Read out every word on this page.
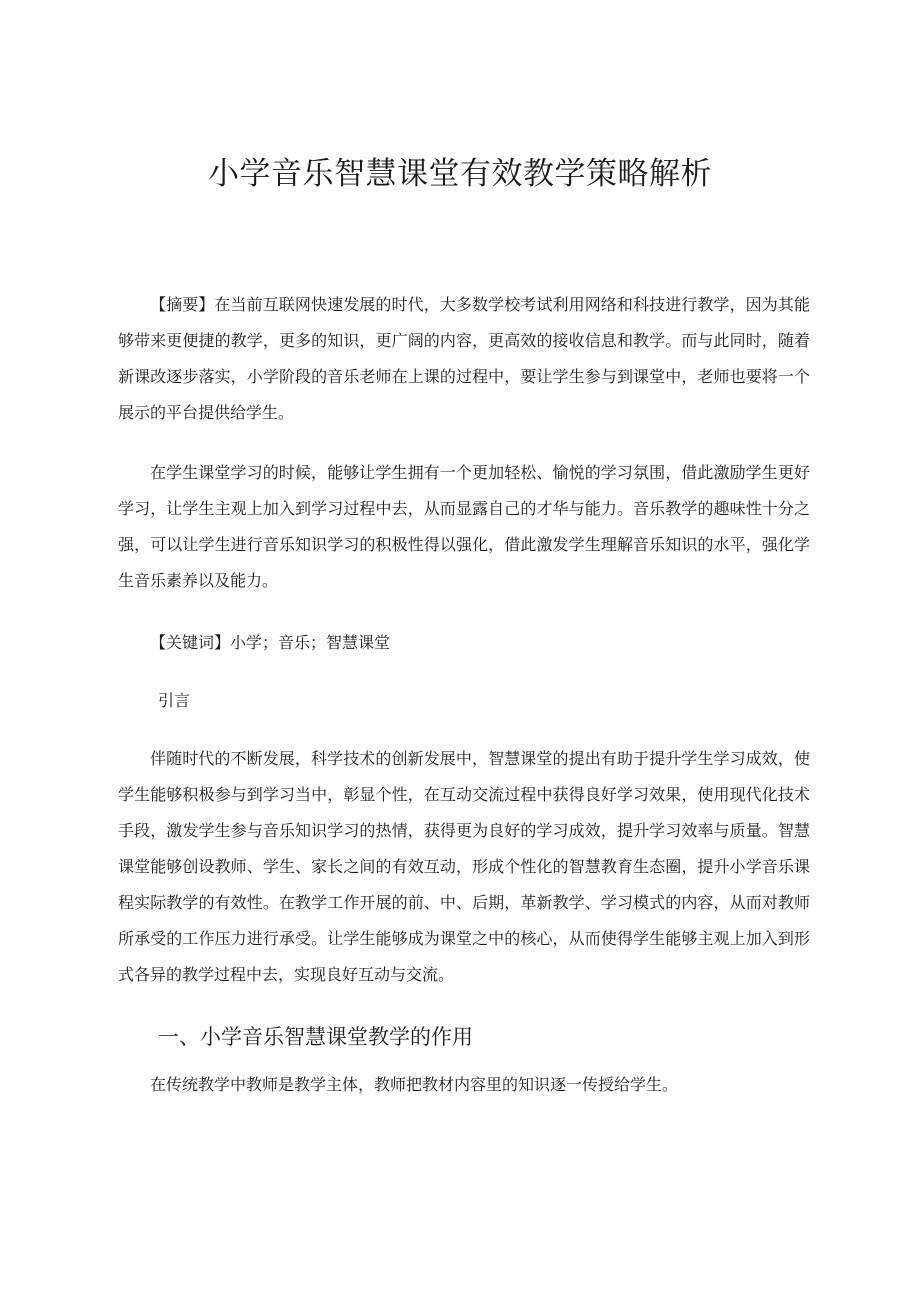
小学音乐智慧课堂有效教学策略解析

【摘要】在当前互联网快速发展的时代，大多数学校考试利用网络和科技进行教学，因为其能够带来更便捷的教学，更多的知识，更广阔的内容，更高效的接收信息和教学。而与此同时，随着新课改逐步落实，小学阶段的音乐老师在上课的过程中，要让学生参与到课堂中，老师也要将一个展示的平台提供给学生。

在学生课堂学习的时候，能够让学生拥有一个更加轻松、愉悦的学习氛围，借此激励学生更好学习，让学生主观上加入到学习过程中去，从而显露自己的才华与能力。音乐教学的趣味性十分之强，可以让学生进行音乐知识学习的积极性得以强化，借此激发学生理解音乐知识的水平，强化学生音乐素养以及能力。

【关键词】小学；音乐；智慧课堂

引言

伴随时代的不断发展，科学技术的创新发展中，智慧课堂的提出有助于提升学生学习成效，使学生能够积极参与到学习当中，彰显个性，在互动交流过程中获得良好学习效果，使用现代化技术手段，激发学生参与音乐知识学习的热情，获得更为良好的学习成效，提升学习效率与质量。智慧课堂能够创设教师、学生、家长之间的有效互动，形成个性化的智慧教育生态圈，提升小学音乐课程实际教学的有效性。在教学工作开展的前、中、后期，革新教学、学习模式的内容，从而对教师所承受的工作压力进行承受。让学生能够成为课堂之中的核心，从而使得学生能够主观上加入到形式各异的教学过程中去，实现良好互动与交流。

一、小学音乐智慧课堂教学的作用

在传统教学中教师是教学主体，教师把教材内容里的知识逐一传授给学生。
